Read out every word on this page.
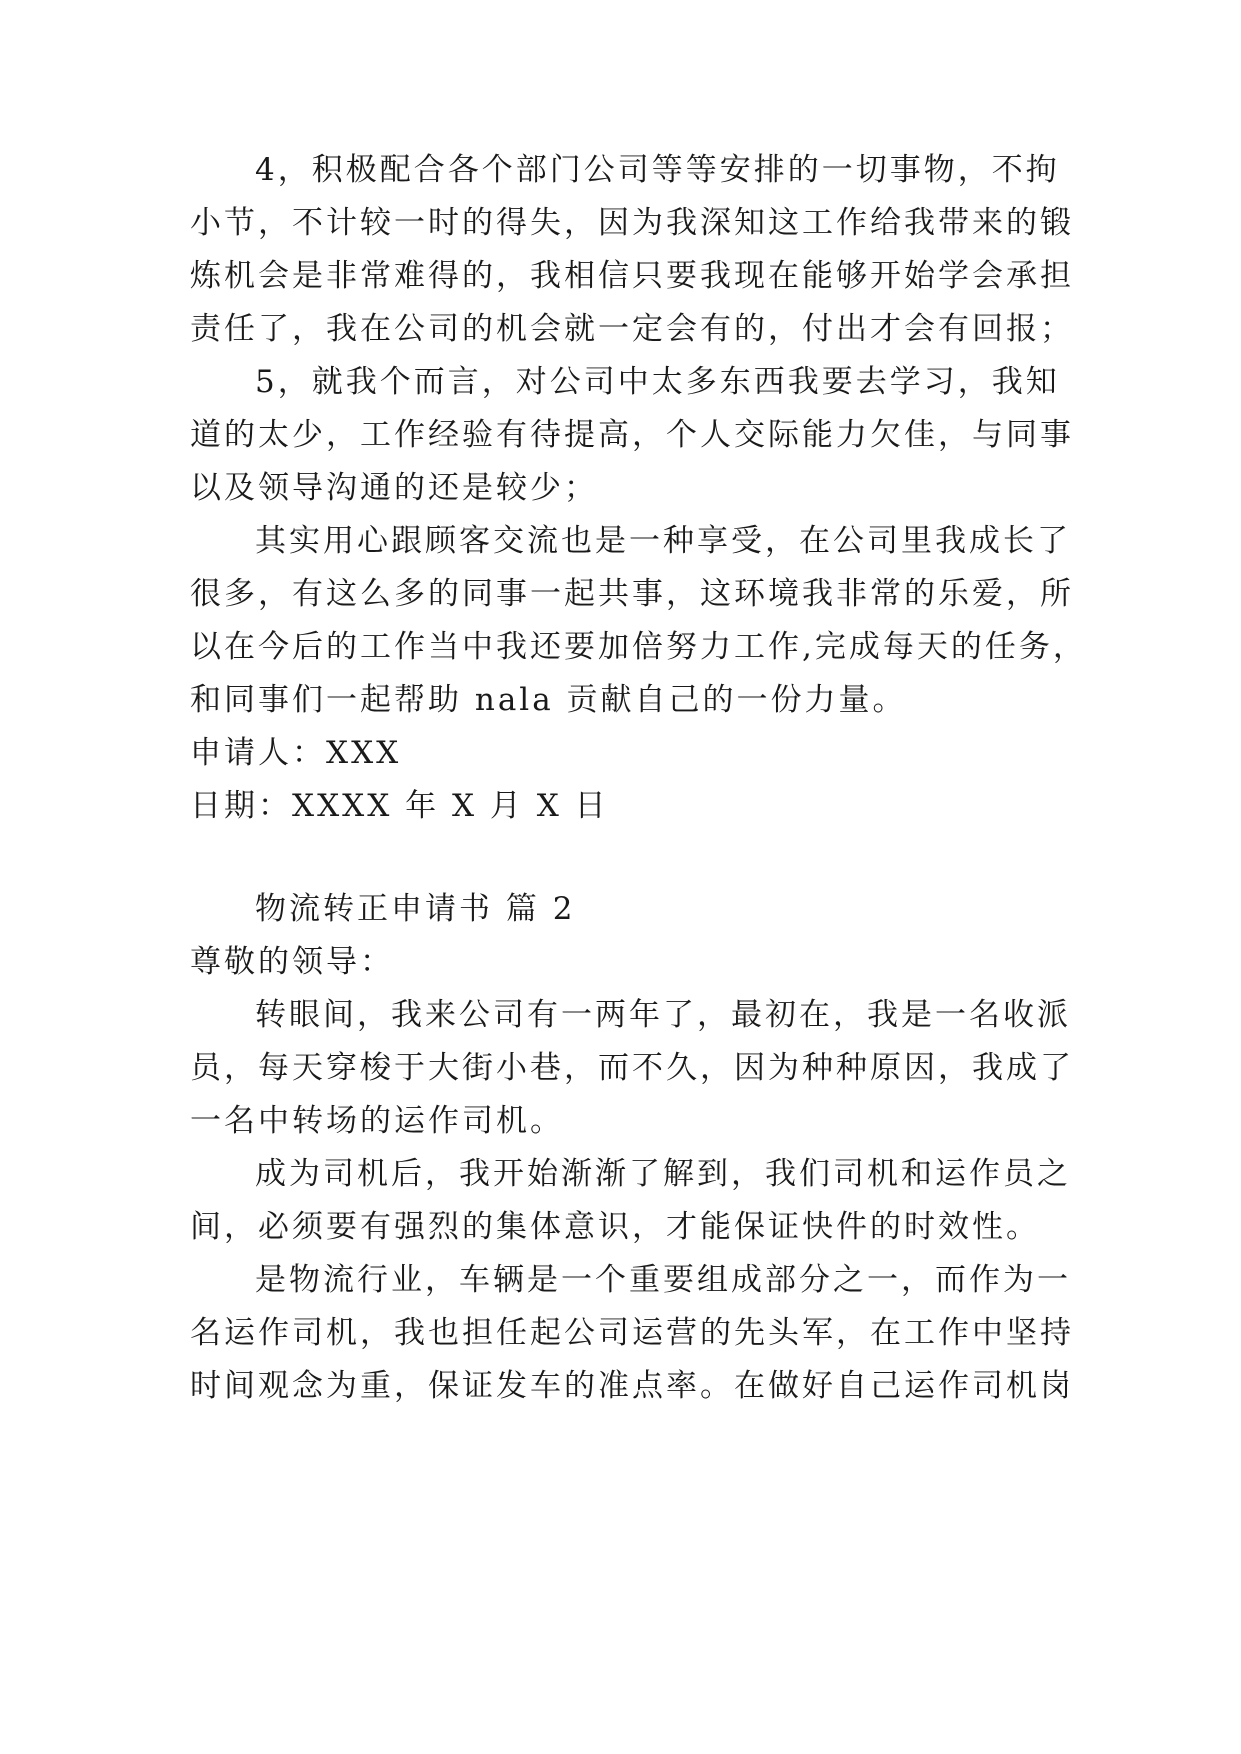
4，积极配合各个部门公司等等安排的一切事物，不拘
小节，不计较一时的得失，因为我深知这工作给我带来的锻
炼机会是非常难得的，我相信只要我现在能够开始学会承担
责任了，我在公司的机会就一定会有的，付出才会有回报；
5，就我个而言，对公司中太多东西我要去学习，我知
道的太少，工作经验有待提高，个人交际能力欠佳，与同事
以及领导沟通的还是较少；
其实用心跟顾客交流也是一种享受，在公司里我成长了
很多，有这么多的同事一起共事，这环境我非常的乐爱，所
以在今后的工作当中我还要加倍努力工作,完成每天的任务，
和同事们一起帮助 nala 贡献自己的一份力量。
申请人：XXX
日期：XXXX 年 X 月 X 日
物流转正申请书 篇 2
尊敬的领导：
转眼间，我来公司有一两年了，最初在，我是一名收派
员，每天穿梭于大街小巷，而不久，因为种种原因，我成了
一名中转场的运作司机。
成为司机后，我开始渐渐了解到，我们司机和运作员之
间，必须要有强烈的集体意识，才能保证快件的时效性。
是物流行业，车辆是一个重要组成部分之一，而作为一
名运作司机，我也担任起公司运营的先头军，在工作中坚持
时间观念为重，保证发车的准点率。在做好自己运作司机岗
